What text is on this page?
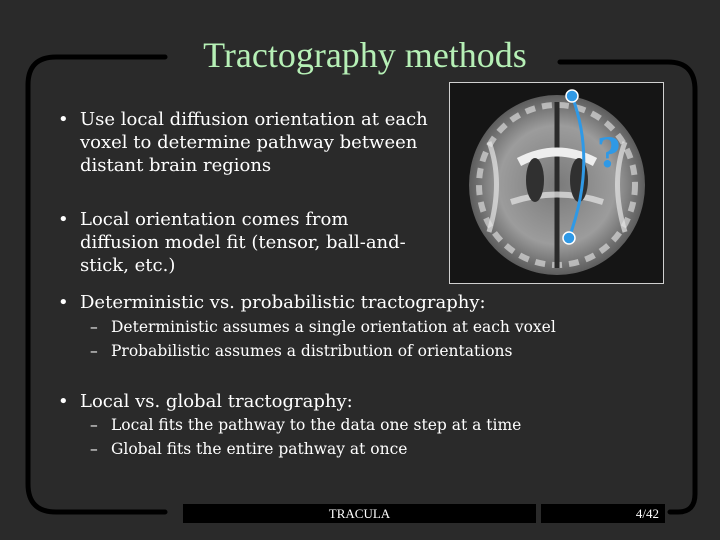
Tractography methods
• Use local diffusion orientation at each voxel to determine pathway between distant brain regions
• Local orientation comes from diffusion model fit (tensor, ball-and-stick, etc.)
• Deterministic vs. probabilistic tractography:
• Local vs. global tractography:
– Deterministic assumes a single orientation at each voxel
– Probabilistic assumes a distribution of orientations
– Local fits the pathway to the data one step at a time
– Global fits the entire pathway at once
?
TRACULA	4/42
